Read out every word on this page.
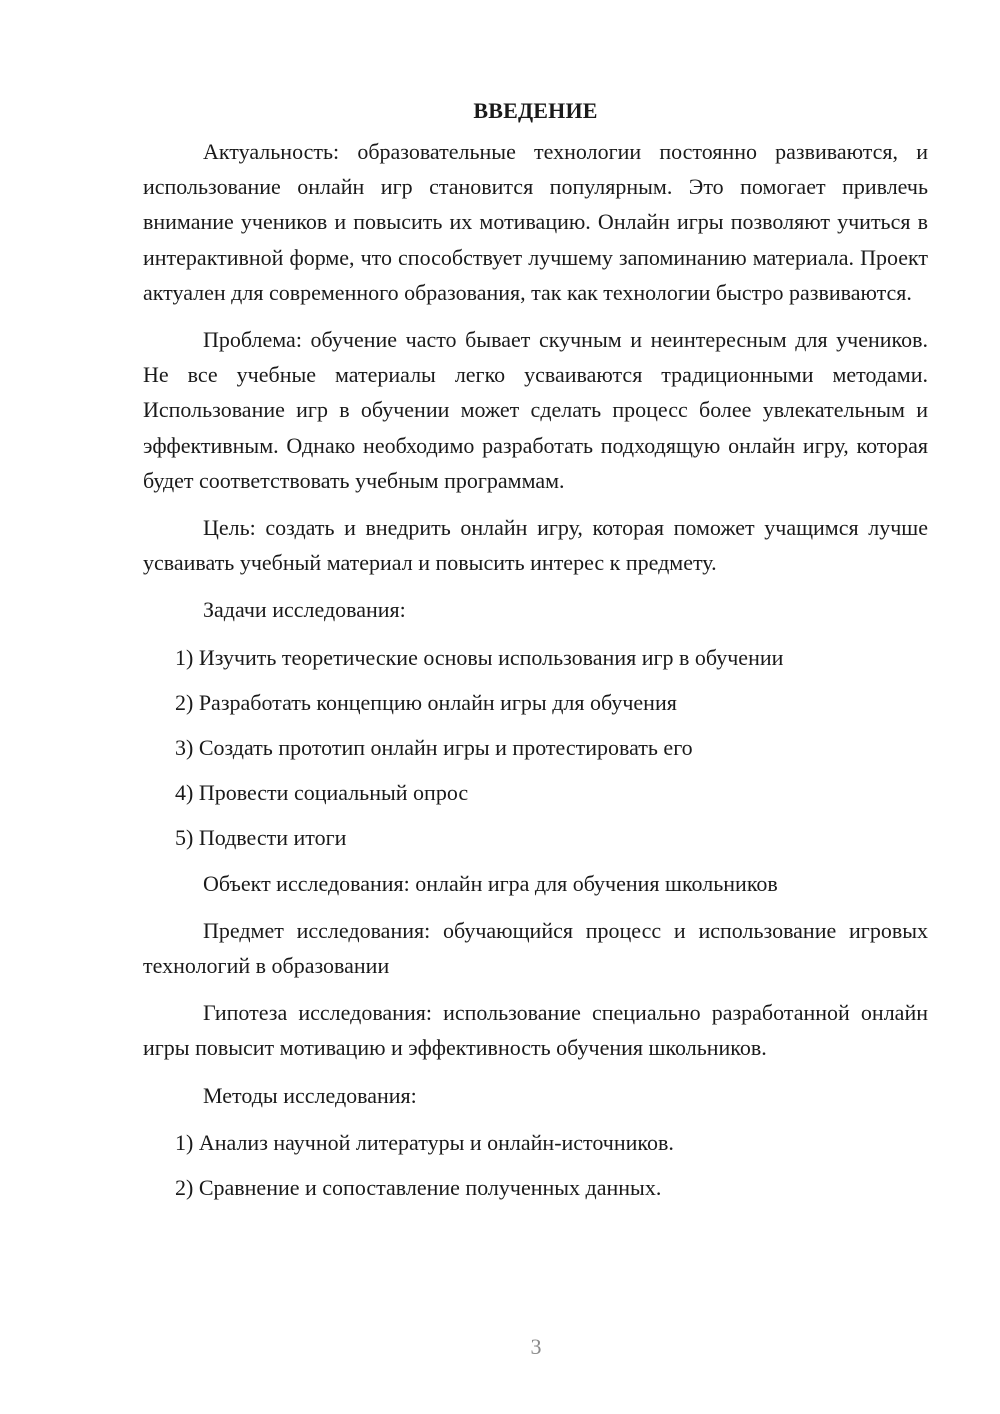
ВВЕДЕНИЕ

Актуальность: образовательные технологии постоянно развиваются, и использование онлайн игр становится популярным. Это помогает привлечь внимание учеников и повысить их мотивацию. Онлайн игры позволяют учиться в интерактивной форме, что способствует лучшему запоминанию материала. Проект актуален для современного образования, так как технологии быстро развиваются.

Проблема: обучение часто бывает скучным и неинтересным для учеников. Не все учебные материалы легко усваиваются традиционными методами. Использование игр в обучении может сделать процесс более увлекательным и эффективным. Однако необходимо разработать подходящую онлайн игру, которая будет соответствовать учебным программам.

Цель: создать и внедрить онлайн игру, которая поможет учащимся лучше усваивать учебный материал и повысить интерес к предмету.

Задачи исследования:

1) Изучить теоретические основы использования игр в обучении
2) Разработать концепцию онлайн игры для обучения
3) Создать прототип онлайн игры и протестировать его
4) Провести социальный опрос
5) Подвести итоги

Объект исследования: онлайн игра для обучения школьников

Предмет исследования: обучающийся процесс и использование игровых технологий в образовании

Гипотеза исследования: использование специально разработанной онлайн игры повысит мотивацию и эффективность обучения школьников.

Методы исследования:

1) Анализ научной литературы и онлайн-источников.
2) Сравнение и сопоставление полученных данных.
3
